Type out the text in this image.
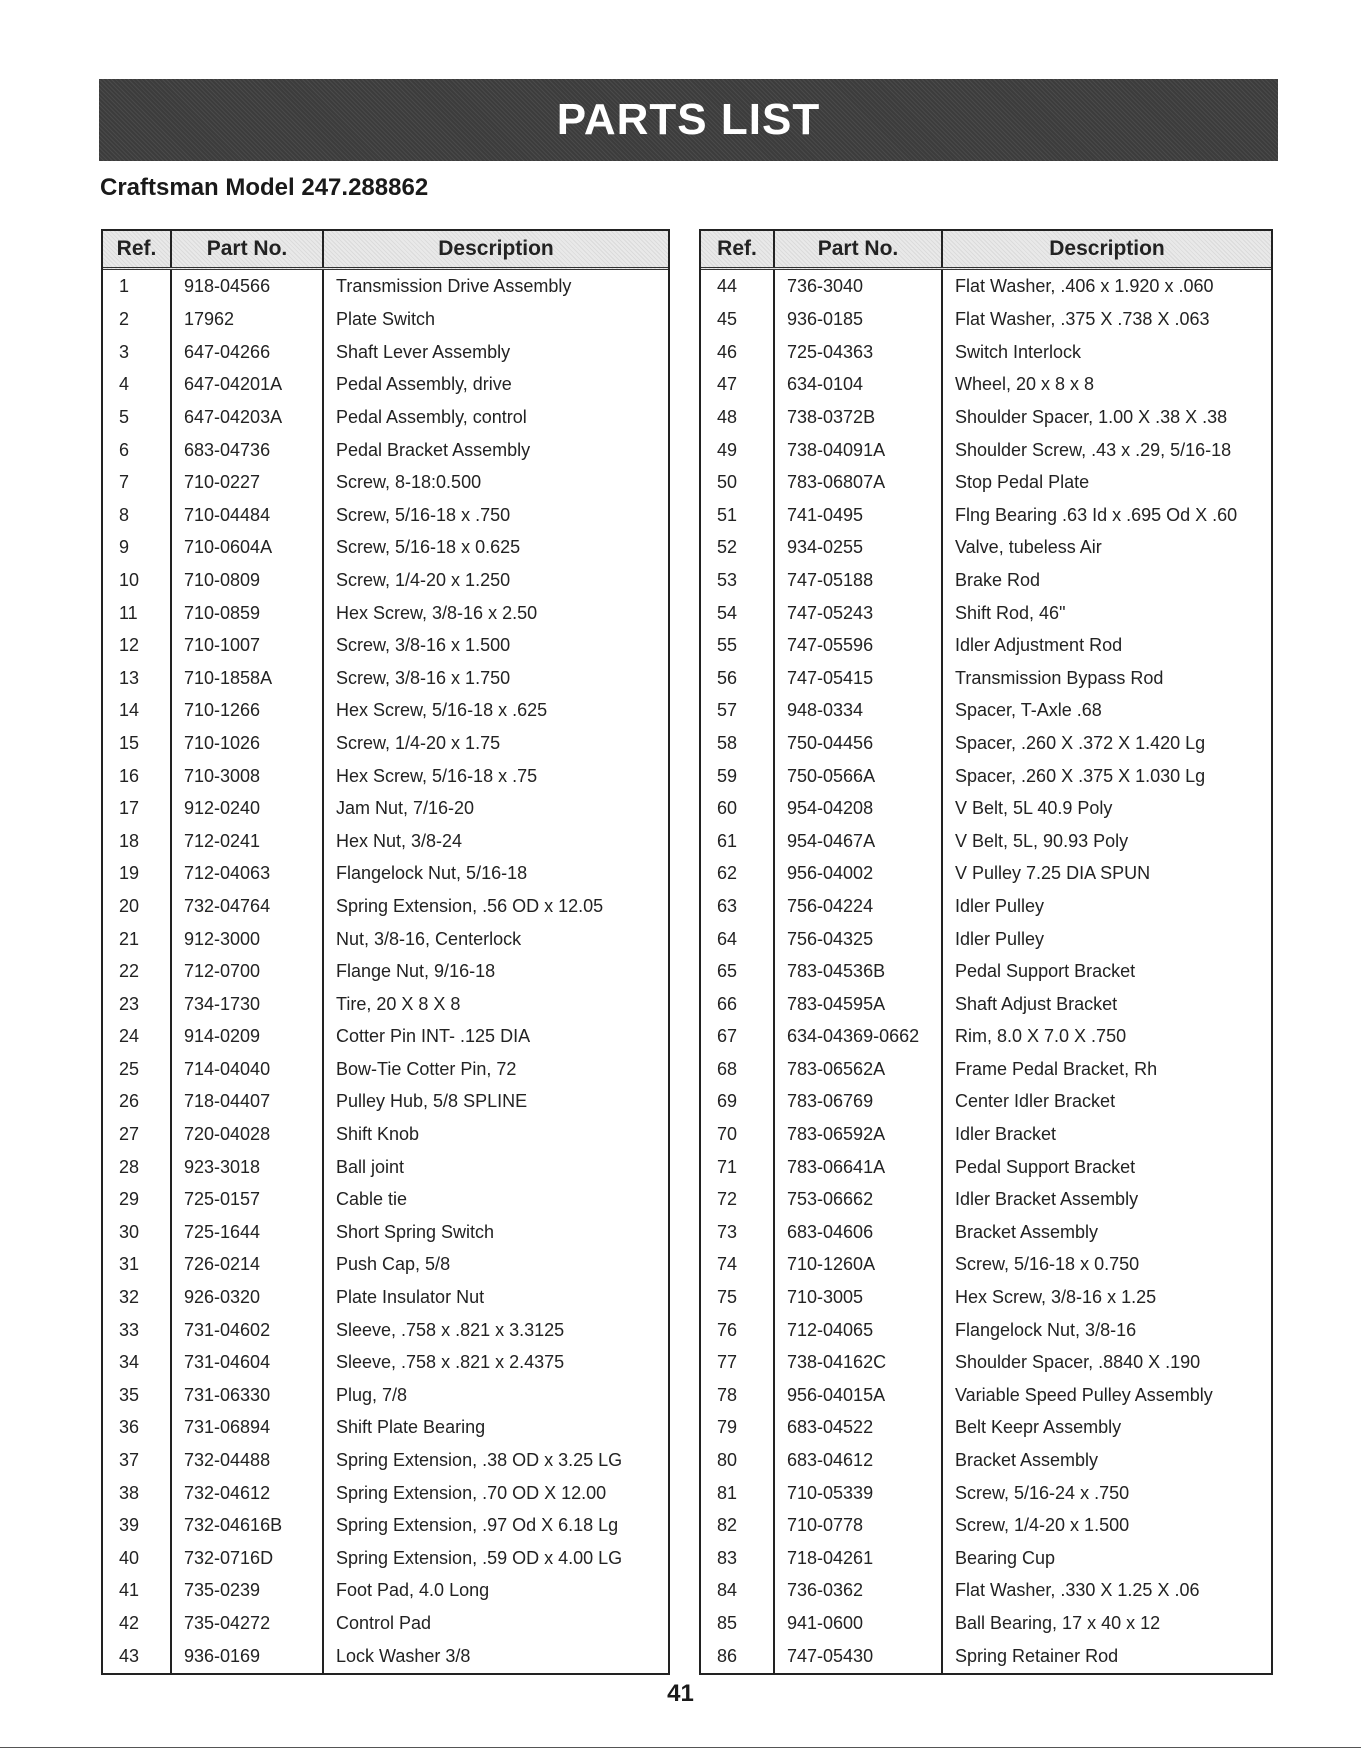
PARTS LIST
Craftsman Model 247.288862
Ref.	Part No.	Description
1	918-04566	Transmission Drive Assembly
2	17962	Plate Switch
3	647-04266	Shaft Lever Assembly
4	647-04201A	Pedal Assembly, drive
5	647-04203A	Pedal Assembly, control
6	683-04736	Pedal Bracket Assembly
7	710-0227	Screw, 8-18:0.500
8	710-04484	Screw, 5/16-18 x .750
9	710-0604A	Screw, 5/16-18 x 0.625
10	710-0809	Screw, 1/4-20 x 1.250
11	710-0859	Hex Screw, 3/8-16 x 2.50
12	710-1007	Screw, 3/8-16 x 1.500
13	710-1858A	Screw, 3/8-16 x 1.750
14	710-1266	Hex Screw, 5/16-18 x .625
15	710-1026	Screw, 1/4-20 x 1.75
16	710-3008	Hex Screw, 5/16-18 x .75
17	912-0240	Jam Nut, 7/16-20
18	712-0241	Hex Nut, 3/8-24
19	712-04063	Flangelock Nut, 5/16-18
20	732-04764	Spring Extension, .56 OD x 12.05
21	912-3000	Nut, 3/8-16, Centerlock
22	712-0700	Flange Nut, 9/16-18
23	734-1730	Tire, 20 X 8 X 8
24	914-0209	Cotter Pin INT- .125 DIA
25	714-04040	Bow-Tie Cotter Pin, 72
26	718-04407	Pulley Hub, 5/8 SPLINE
27	720-04028	Shift Knob
28	923-3018	Ball joint
29	725-0157	Cable tie
30	725-1644	Short Spring Switch
31	726-0214	Push Cap, 5/8
32	926-0320	Plate Insulator Nut
33	731-04602	Sleeve, .758 x .821 x 3.3125
34	731-04604	Sleeve, .758 x .821 x 2.4375
35	731-06330	Plug, 7/8
36	731-06894	Shift Plate Bearing
37	732-04488	Spring Extension, .38 OD x 3.25 LG
38	732-04612	Spring Extension, .70 OD X 12.00
39	732-04616B	Spring Extension, .97 Od X 6.18 Lg
40	732-0716D	Spring Extension, .59 OD x 4.00 LG
41	735-0239	Foot Pad, 4.0 Long
42	735-04272	Control Pad
43	936-0169	Lock Washer 3/8
Ref.	Part No.	Description
44	736-3040	Flat Washer, .406 x 1.920 x .060
45	936-0185	Flat Washer, .375 X .738 X .063
46	725-04363	Switch Interlock
47	634-0104	Wheel, 20 x 8 x 8
48	738-0372B	Shoulder Spacer, 1.00 X .38 X .38
49	738-04091A	Shoulder Screw, .43 x .29, 5/16-18
50	783-06807A	Stop Pedal Plate
51	741-0495	Flng Bearing .63 Id x .695 Od X .60
52	934-0255	Valve, tubeless Air
53	747-05188	Brake Rod
54	747-05243	Shift Rod, 46"
55	747-05596	Idler Adjustment Rod
56	747-05415	Transmission Bypass Rod
57	948-0334	Spacer, T-Axle .68
58	750-04456	Spacer, .260 X .372 X 1.420 Lg
59	750-0566A	Spacer, .260 X .375 X 1.030 Lg
60	954-04208	V Belt, 5L 40.9 Poly
61	954-0467A	V Belt, 5L, 90.93 Poly
62	956-04002	V Pulley 7.25 DIA SPUN
63	756-04224	Idler Pulley
64	756-04325	Idler Pulley
65	783-04536B	Pedal Support Bracket
66	783-04595A	Shaft Adjust Bracket
67	634-04369-0662	Rim, 8.0 X 7.0 X .750
68	783-06562A	Frame Pedal Bracket, Rh
69	783-06769	Center Idler Bracket
70	783-06592A	Idler Bracket
71	783-06641A	Pedal Support Bracket
72	753-06662	Idler Bracket Assembly
73	683-04606	Bracket Assembly
74	710-1260A	Screw, 5/16-18 x 0.750
75	710-3005	Hex Screw, 3/8-16 x 1.25
76	712-04065	Flangelock Nut, 3/8-16
77	738-04162C	Shoulder Spacer, .8840 X .190
78	956-04015A	Variable Speed Pulley Assembly
79	683-04522	Belt Keepr Assembly
80	683-04612	Bracket Assembly
81	710-05339	Screw, 5/16-24 x .750
82	710-0778	Screw, 1/4-20 x 1.500
83	718-04261	Bearing Cup
84	736-0362	Flat Washer, .330 X 1.25 X .06
85	941-0600	Ball Bearing, 17 x 40 x 12
86	747-05430	Spring Retainer Rod
41
